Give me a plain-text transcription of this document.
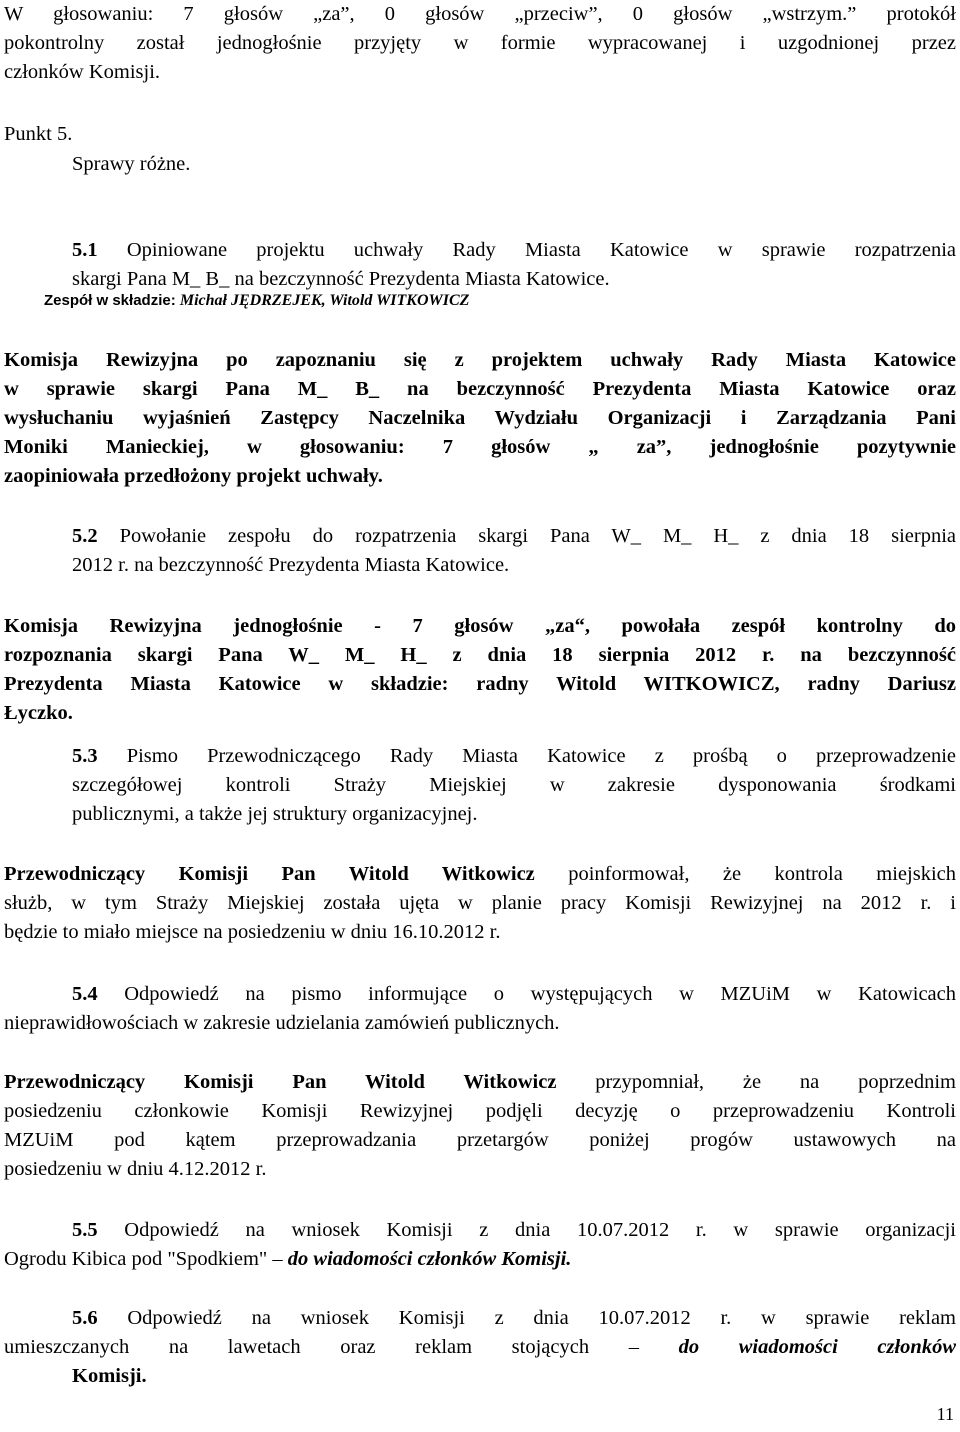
W głosowaniu: 7 głosów „za”, 0 głosów „przeciw”, 0 głosów „wstrzym.” protokół
pokontrolny został jednogłośnie przyjęty w formie wypracowanej i uzgodnionej przez
członków Komisji.

Punkt 5.

Sprawy różne.

5.1 Opiniowane projektu uchwały Rady Miasta Katowice w sprawie rozpatrzenia
skargi Pana M_ B_ na bezczynność Prezydenta Miasta Katowice.

Zespół w składzie: Michał JĘDRZEJEK, Witold WITKOWICZ

Komisja Rewizyjna po zapoznaniu się z projektem uchwały Rady Miasta Katowice
w sprawie skargi Pana M_ B_ na bezczynność Prezydenta Miasta Katowice oraz
wysłuchaniu wyjaśnień Zastępcy Naczelnika Wydziału Organizacji i Zarządzania Pani
Moniki Manieckiej, w głosowaniu: 7 głosów „ za”, jednogłośnie pozytywnie
zaopiniowała przedłożony projekt uchwały.
5.2 Powołanie zespołu do rozpatrzenia skargi Pana W_ M_ H_ z dnia 18 sierpnia
2012 r. na bezczynność Prezydenta Miasta Katowice.
Komisja Rewizyjna jednogłośnie - 7 głosów „za“, powołała zespół kontrolny do
rozpoznania skargi Pana W_ M_ H_ z dnia 18 sierpnia 2012 r. na bezczynność
Prezydenta Miasta Katowice w składzie: radny Witold WITKOWICZ, radny Dariusz
Łyczko.
5.3 Pismo Przewodniczącego Rady Miasta Katowice z prośbą o przeprowadzenie
szczegółowej kontroli Straży Miejskiej w zakresie dysponowania środkami
publicznymi, a także jej struktury organizacyjnej.
Przewodniczący Komisji Pan Witold Witkowicz poinformował, że kontrola miejskich
służb, w tym Straży Miejskiej została ujęta w planie pracy Komisji Rewizyjnej na 2012 r. i
będzie to miało miejsce na posiedzeniu w dniu 16.10.2012 r.
5.4 Odpowiedź na pismo informujące o występujących w MZUiM w Katowicach
nieprawidłowościach w zakresie udzielania zamówień publicznych.
Przewodniczący Komisji Pan Witold Witkowicz przypomniał, że na poprzednim
posiedzeniu członkowie Komisji Rewizyjnej podjęli decyzję o przeprowadzeniu Kontroli
MZUiM pod kątem przeprowadzania przetargów poniżej progów ustawowych na
posiedzeniu w dniu 4.12.2012 r.
5.5 Odpowiedź na wniosek Komisji z dnia 10.07.2012 r. w sprawie organizacji
Ogrodu Kibica pod "Spodkiem" – do wiadomości członków Komisji.
5.6 Odpowiedź na wniosek Komisji z dnia 10.07.2012 r. w sprawie reklam
umieszczanych na lawetach oraz reklam stojących – do wiadomości członków
Komisji.

11
